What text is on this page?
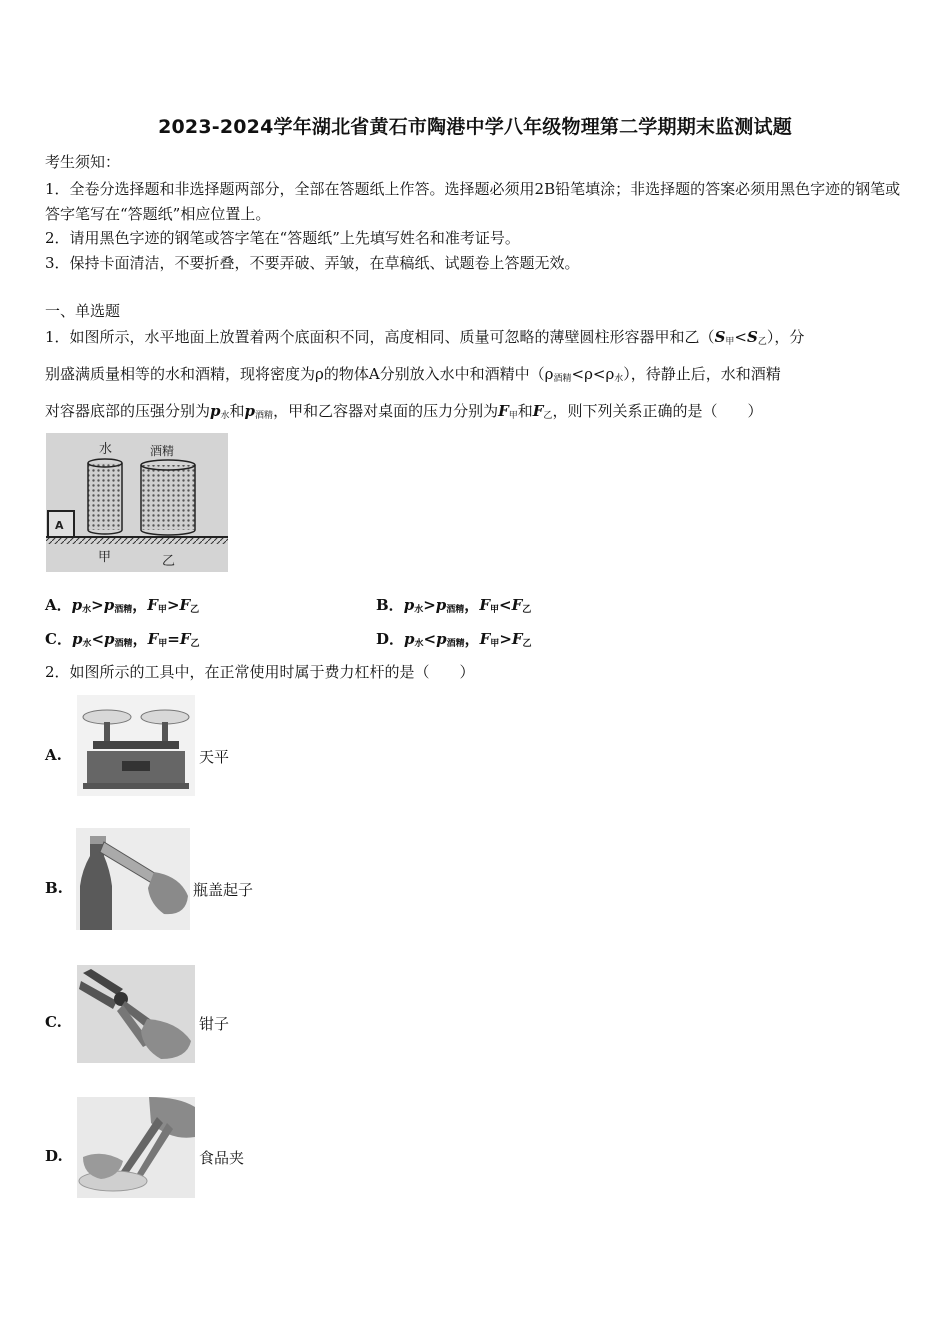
2023-2024学年湖北省黄石市陶港中学八年级物理第二学期期末监测试题
考生须知：
1．全卷分选择题和非选择题两部分，全部在答题纸上作答。选择题必须用2B铅笔填涂；非选择题的答案必须用黑色字迹的钢笔或答字笔写在“答题纸”相应位置上。
2．请用黑色字迹的钢笔或答字笔在“答题纸”上先填写姓名和准考证号。
3．保持卡面清洁，不要折叠，不要弄破、弄皱，在草稿纸、试题卷上答题无效。
一、单选题
1．如图所示，水平地面上放置着两个底面积不同，高度相同、质量可忽略的薄壁圆柱形容器甲和乙$(S_甲<S_乙)$，分
别盛满质量相等的水和酒精，现将密度为ρ的物体A分别放入水中和酒精中$(\rho_{酒精}<\rho<\rho_水)$，待静止后，水和酒精
对容器底部的压强分别为$p_水$和$p_{酒精}$，甲和乙容器对桌面的压力分别为$F_甲$和$F_乙$，则下列关系正确的是（　　）
水	酒精
A
甲	乙
A．$p_水>p_{酒精}$，$F_甲>F_乙$	B．$p_水>p_{酒精}$，$F_甲<F_乙$
C．$p_水<p_{酒精}$，$F_甲=F_乙$	D．$p_水<p_{酒精}$，$F_甲>F_乙$
2．如图所示的工具中，在正常使用时属于费力杠杆的是（　　）
A.	天平
B.	瓶盖起子
C.	钳子
D.	食品夹
